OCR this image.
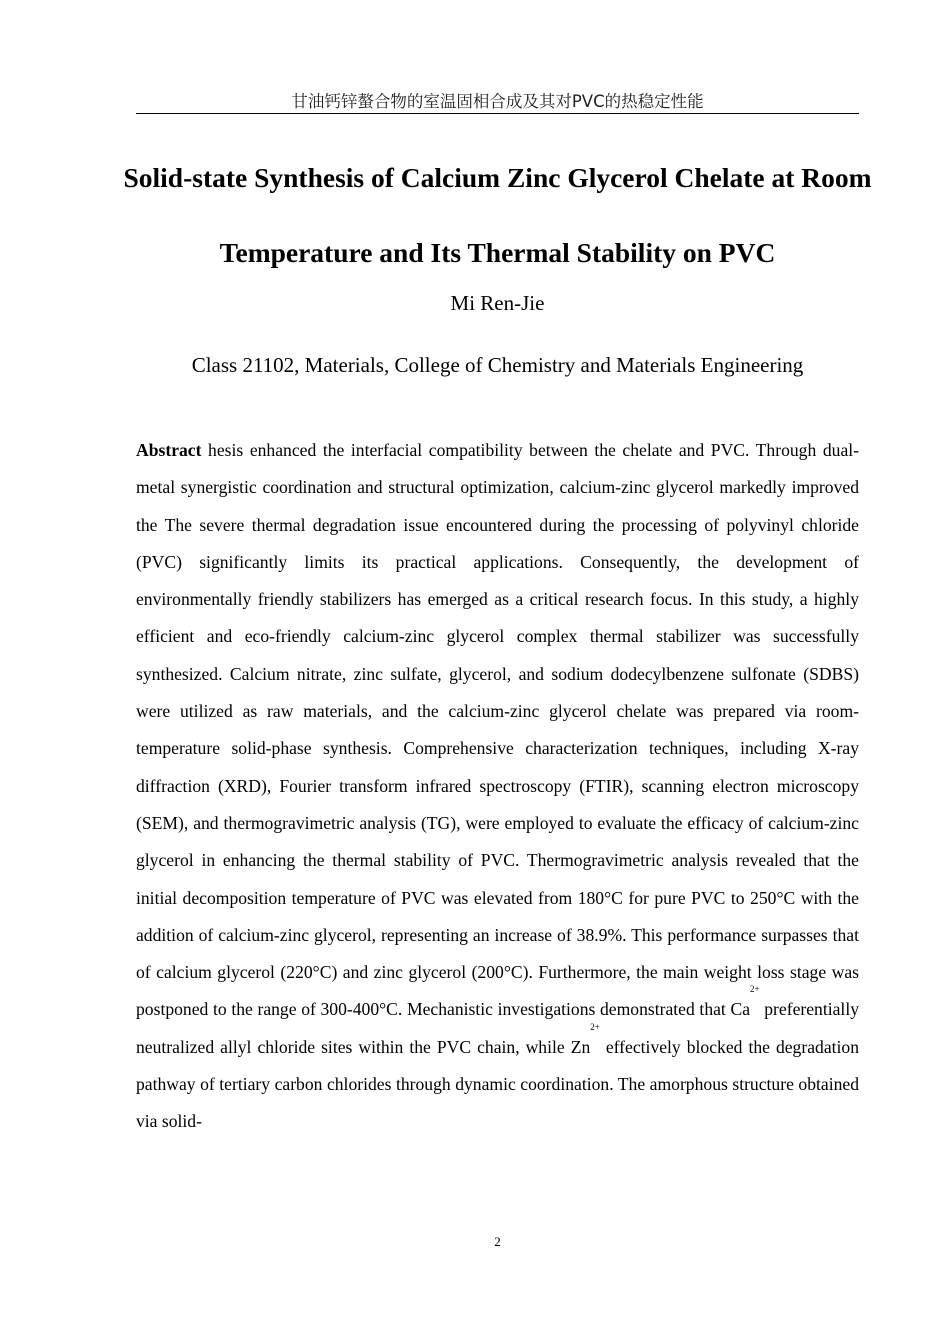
甘油钙锌螯合物的室温固相合成及其对PVC的热稳定性能
Solid-state Synthesis of Calcium Zinc Glycerol Chelate at Room Temperature and Its Thermal Stability on PVC
Mi Ren-Jie
Class 21102, Materials, College of Chemistry and Materials Engineering

Abstract hesis enhanced the interfacial compatibility between the chelate and PVC. Through dual-metal synergistic coordination and structural optimization, calcium-zinc glycerol markedly improved the The severe thermal degradation issue encountered during the processing of polyvinyl chloride (PVC) significantly limits its practical applications. Consequently, the development of environmentally friendly stabilizers has emerged as a critical research focus. In this study, a highly efficient and eco-friendly calcium-zinc glycerol complex thermal stabilizer was successfully synthesized. Calcium nitrate, zinc sulfate, glycerol, and sodium dodecylbenzene sulfonate (SDBS) were utilized as raw materials, and the calcium-zinc glycerol chelate was prepared via room-temperature solid-phase synthesis. Comprehensive characterization techniques, including X-ray diffraction (XRD), Fourier transform infrared spectroscopy (FTIR), scanning electron microscopy (SEM), and thermogravimetric analysis (TG), were employed to evaluate the efficacy of calcium-zinc glycerol in enhancing the thermal stability of PVC. Thermogravimetric analysis revealed that the initial decomposition temperature of PVC was elevated from 180°C for pure PVC to 250°C with the addition of calcium-zinc glycerol, representing an increase of 38.9%. This performance surpasses that of calcium glycerol (220°C) and zinc glycerol (200°C). Furthermore, the main weight loss stage was postponed to the range of 300-400°C. Mechanistic investigations demonstrated that $Ca^{2+}$ preferentially neutralized allyl chloride sites within the PVC chain, while $Zn^{2+}$ effectively blocked the degradation pathway of tertiary carbon chlorides through dynamic coordination. The amorphous structure obtained via solid-

2
